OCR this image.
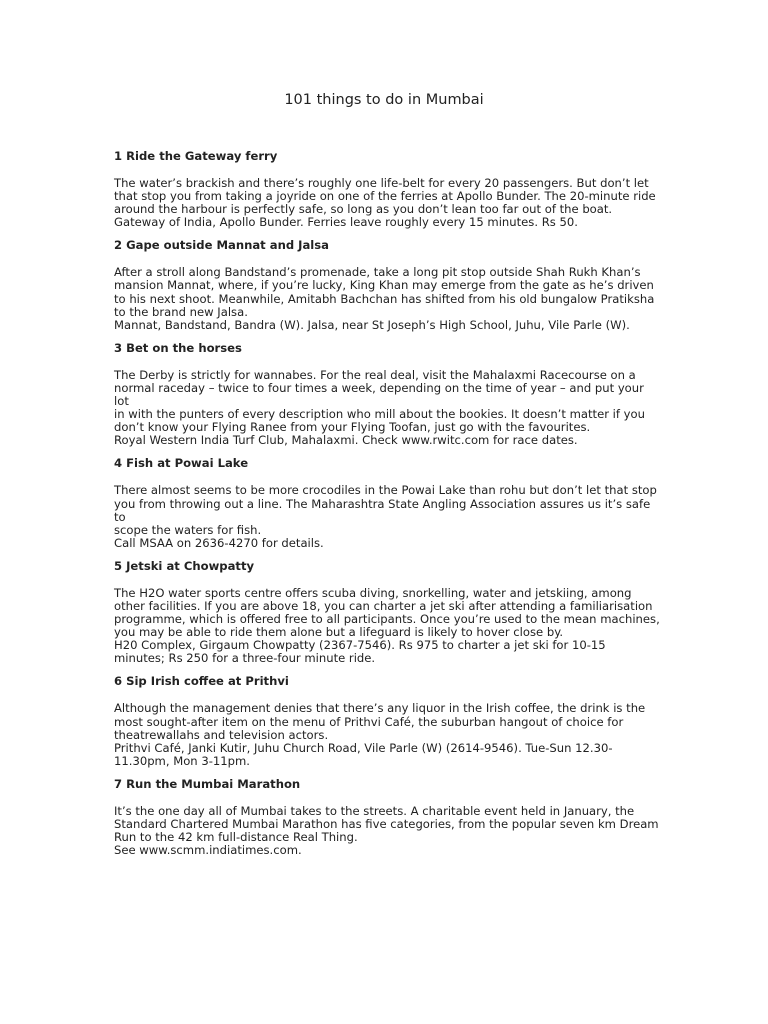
101 things to do in Mumbai

1 Ride the Gateway ferry

The water’s brackish and there’s roughly one life-belt for every 20 passengers. But don’t let
that stop you from taking a joyride on one of the ferries at Apollo Bunder. The 20-minute ride
around the harbour is perfectly safe, so long as you don’t lean too far out of the boat.
Gateway of India, Apollo Bunder. Ferries leave roughly every 15 minutes. Rs 50.

2 Gape outside Mannat and Jalsa

After a stroll along Bandstand’s promenade, take a long pit stop outside Shah Rukh Khan’s
mansion Mannat, where, if you’re lucky, King Khan may emerge from the gate as he’s driven
to his next shoot. Meanwhile, Amitabh Bachchan has shifted from his old bungalow Pratiksha
to the brand new Jalsa.
Mannat, Bandstand, Bandra (W). Jalsa, near St Joseph’s High School, Juhu, Vile Parle (W).

3 Bet on the horses

The Derby is strictly for wannabes. For the real deal, visit the Mahalaxmi Racecourse on a
normal raceday – twice to four times a week, depending on the time of year – and put your lot
in with the punters of every description who mill about the bookies. It doesn’t matter if you
don’t know your Flying Ranee from your Flying Toofan, just go with the favourites.
Royal Western India Turf Club, Mahalaxmi. Check www.rwitc.com for race dates.

4 Fish at Powai Lake

There almost seems to be more crocodiles in the Powai Lake than rohu but don’t let that stop
you from throwing out a line. The Maharashtra State Angling Association assures us it’s safe to
scope the waters for fish.
Call MSAA on 2636-4270 for details.

5 Jetski at Chowpatty

The H2O water sports centre offers scuba diving, snorkelling, water and jetskiing, among
other facilities. If you are above 18, you can charter a jet ski after attending a familiarisation
programme, which is offered free to all participants. Once you’re used to the mean machines,
you may be able to ride them alone but a lifeguard is likely to hover close by.
H20 Complex, Girgaum Chowpatty (2367-7546). Rs 975 to charter a jet ski for 10-15
minutes; Rs 250 for a three-four minute ride.

6 Sip Irish coffee at Prithvi

Although the management denies that there’s any liquor in the Irish coffee, the drink is the
most sought-after item on the menu of Prithvi Café, the suburban hangout of choice for
theatrewallahs and television actors.
Prithvi Café, Janki Kutir, Juhu Church Road, Vile Parle (W) (2614-9546). Tue-Sun 12.30-
11.30pm, Mon 3-11pm.

7 Run the Mumbai Marathon

It’s the one day all of Mumbai takes to the streets. A charitable event held in January, the
Standard Chartered Mumbai Marathon has five categories, from the popular seven km Dream
Run to the 42 km full-distance Real Thing.
See www.scmm.indiatimes.com.
